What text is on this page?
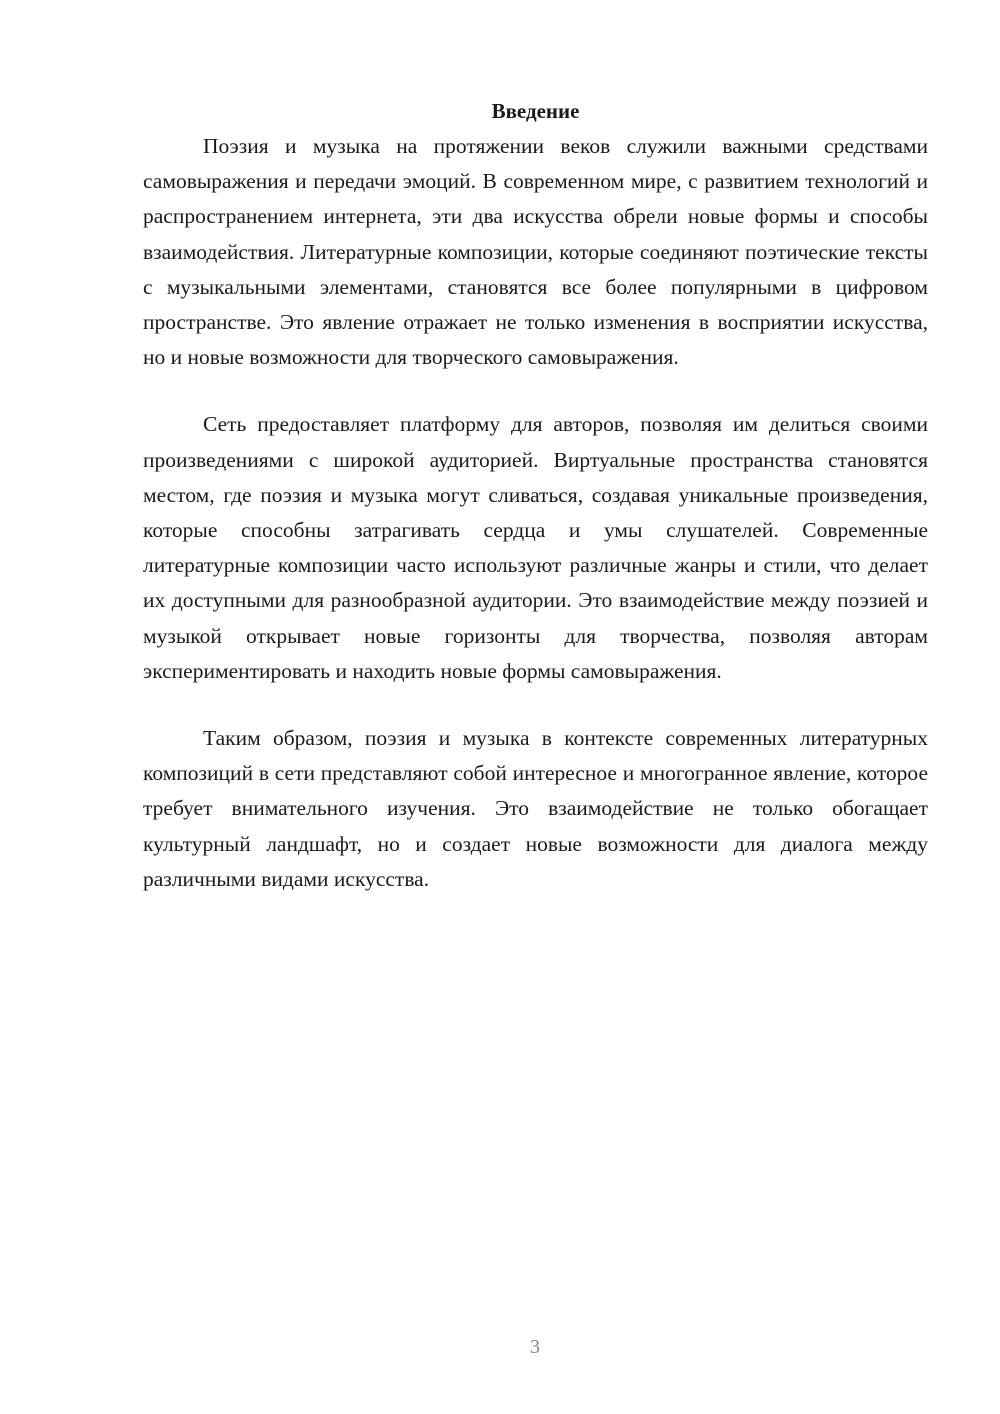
Введение

Поэзия и музыка на протяжении веков служили важными средствами самовыражения и передачи эмоций. В современном мире, с развитием технологий и распространением интернета, эти два искусства обрели новые формы и способы взаимодействия. Литературные композиции, которые соединяют поэтические тексты с музыкальными элементами, становятся все более популярными в цифровом пространстве. Это явление отражает не только изменения в восприятии искусства, но и новые возможности для творческого самовыражения.

Сеть предоставляет платформу для авторов, позволяя им делиться своими произведениями с широкой аудиторией. Виртуальные пространства становятся местом, где поэзия и музыка могут сливаться, создавая уникальные произведения, которые способны затрагивать сердца и умы слушателей. Современные литературные композиции часто используют различные жанры и стили, что делает их доступными для разнообразной аудитории. Это взаимодействие между поэзией и музыкой открывает новые горизонты для творчества, позволяя авторам экспериментировать и находить новые формы самовыражения.

Таким образом, поэзия и музыка в контексте современных литературных композиций в сети представляют собой интересное и многогранное явление, которое требует внимательного изучения. Это взаимодействие не только обогащает культурный ландшафт, но и создает новые возможности для диалога между различными видами искусства.

3
